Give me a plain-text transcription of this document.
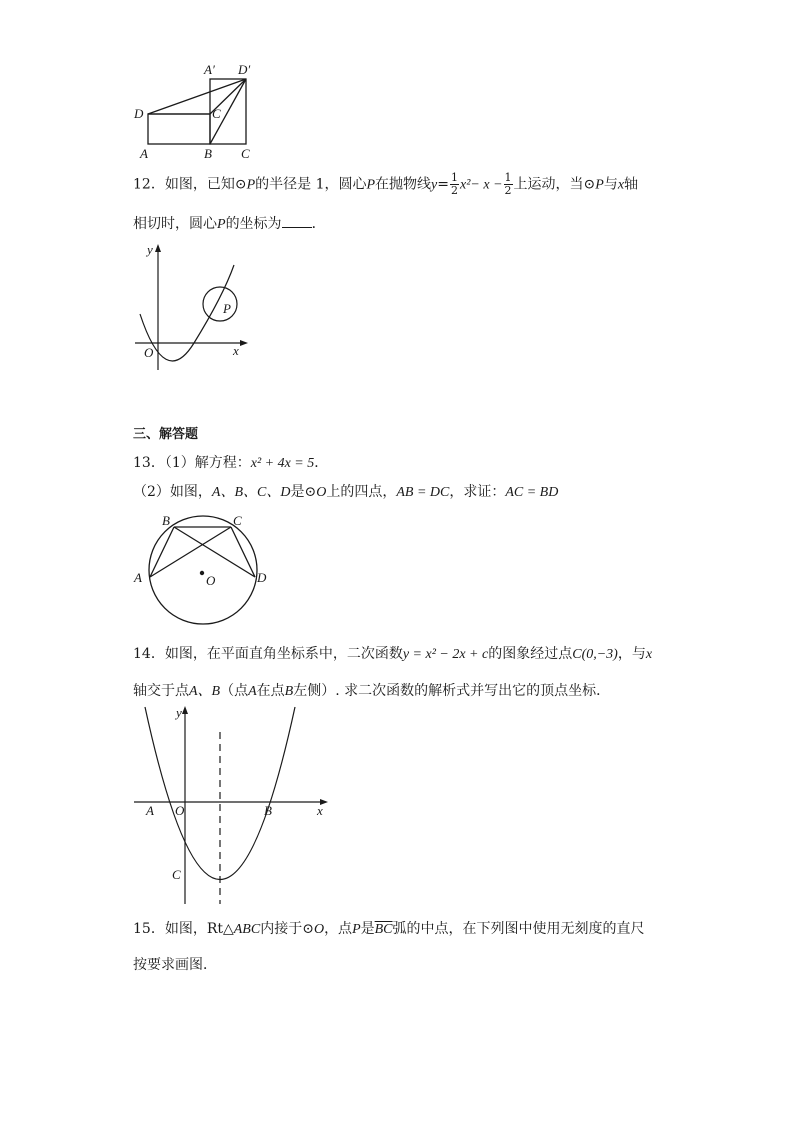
A′ D′
D	C
A	B C
12．如图，已知⊙P的半径是 1，圆心P在抛物线$y= \frac{1}{2} x^2- x - \frac{1}{2}$ 上运动，当⊙P与x轴
相切时，圆心P的坐标为 ．
y
x
O
P
三、解答题
13．（1）解方程：x² + 4x = 5．
（2）如图，A、B、C、D是⊙O上的四点，AB = DC，求证：AC = BD
B	C
A	D
O
14．如图，在平面直角坐标系中，二次函数y = x² − 2x + c的图象经过点C(0,−3)，与x
轴交于点A、B（点A在点B左侧）. 求二次函数的解析式并写出它的顶点坐标．
y
x
A O	B
C
15．如图，Rt△ABC内接于⊙O，点P是$\overline{BC}$弧的中点，在下列图中使用无刻度的直尺
按要求画图．
